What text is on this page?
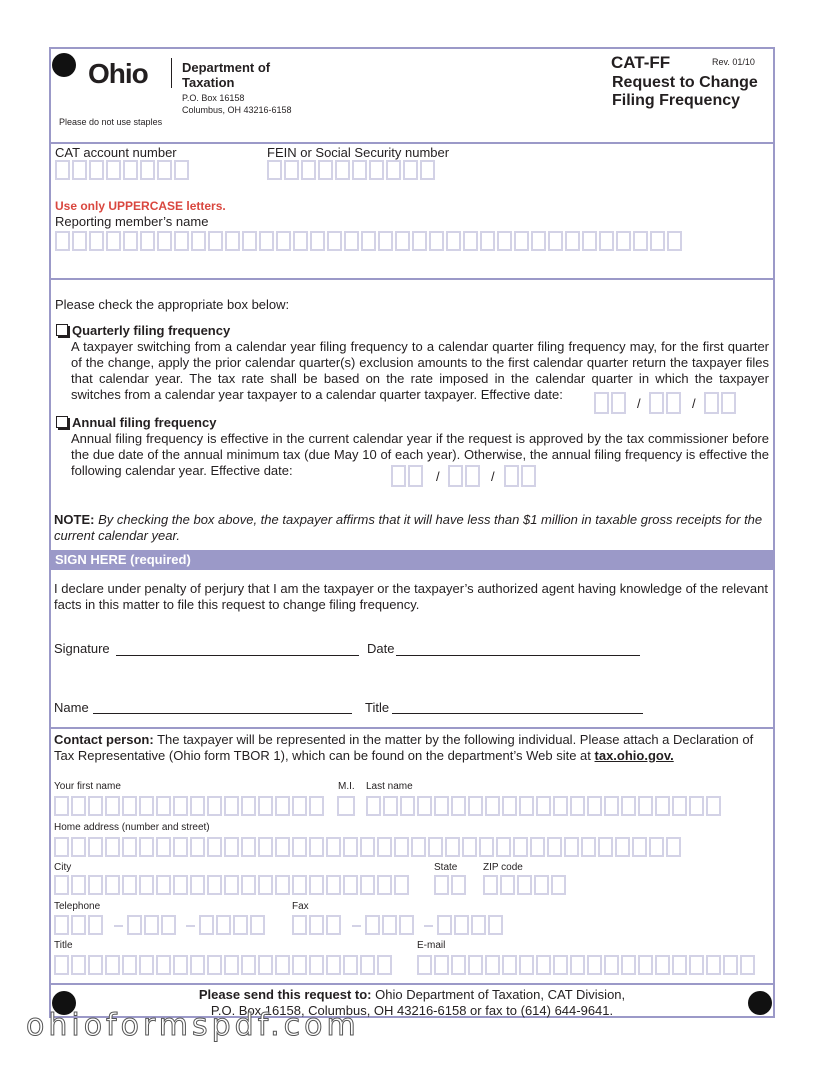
Ohio	Department of
Taxation
P.O. Box 16158
Columbus, OH 43216-6158
Please do not use staples
CAT-FF	Rev. 01/10
Request to Change
Filing Frequency
CAT account number	FEIN or Social Security number
Use only UPPERCASE letters.
Reporting member’s name
Please check the appropriate box below:
Quarterly filing frequency
A taxpayer switching from a calendar year filing frequency to a calendar quarter filing frequency may, for the first quarter of the change, apply the prior calendar quarter(s) exclusion amounts to the first calendar quarter return the taxpayer files that calendar year. The tax rate shall be based on the rate imposed in the calendar quarter in which the taxpayer switches from a calendar year taxpayer to a calendar quarter taxpayer. Effective date:
/	/
Annual filing frequency
Annual filing frequency is effective in the current calendar year if the request is approved by the tax commissioner before the due date of the annual minimum tax (due May 10 of each year). Otherwise, the annual filing frequency is effective the following calendar year. Effective date:	/	/
NOTE: By checking the box above, the taxpayer affirms that it will have less than $1 million in taxable gross receipts for the current calendar year.
SIGN HERE (required)
I declare under penalty of perjury that I am the taxpayer or the taxpayer’s authorized agent having knowledge of the relevant facts in this matter to file this request to change filing frequency.
Signature	Date
Name	Title
Contact person: The taxpayer will be represented in the matter by the following individual. Please attach a Declaration of Tax Representative (Ohio form TBOR 1), which can be found on the department’s Web site at tax.ohio.gov.
Your first name	M.I. Last name
Home address (number and street)
City	State	ZIP code
Telephone	Fax
Title	E-mail
Please send this request to: Ohio Department of Taxation, CAT Division,
P.O. Box 16158, Columbus, OH 43216-6158 or fax to (614) 644-9641.
ohioformspdf.com
